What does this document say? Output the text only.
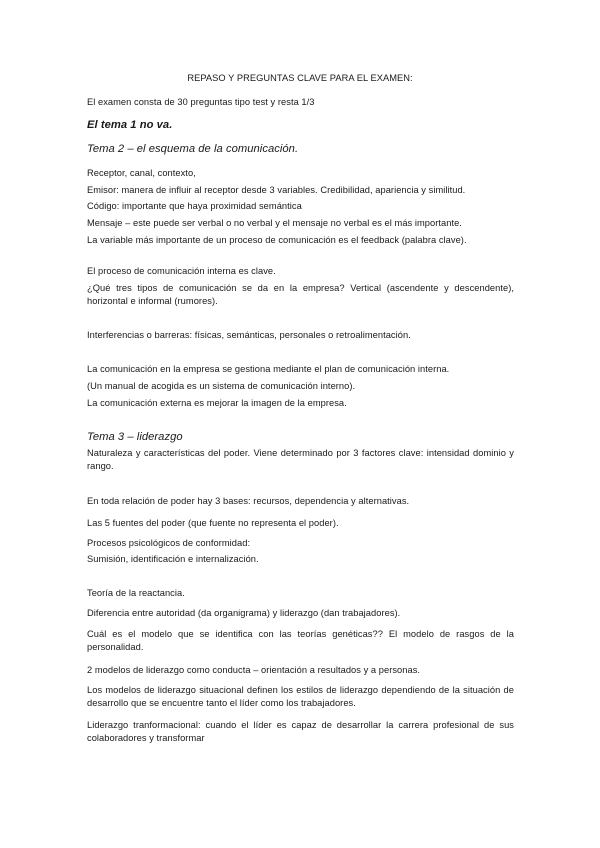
REPASO Y PREGUNTAS CLAVE PARA EL EXAMEN:
El examen consta de 30 preguntas tipo test y resta 1/3
El tema 1 no va.
Tema 2 – el esquema de la comunicación.
Receptor, canal, contexto,
Emisor: manera de influir al receptor desde 3 variables. Credibilidad, apariencia y similitud.
Código: importante que haya proximidad semántica
Mensaje – este puede ser verbal o no verbal y el mensaje no verbal es el más importante.
La variable más importante de un proceso de comunicación es el feedback (palabra clave).
El proceso de comunicación interna es clave.
¿Qué tres tipos de comunicación se da en la empresa? Vertical (ascendente y descendente), horizontal e informal (rumores).
Interferencias o barreras: físicas, semánticas, personales o retroalimentación.
La comunicación en la empresa se gestiona mediante el plan de comunicación interna.
(Un manual de acogida es un sistema de comunicación interno).
La comunicación externa es mejorar la imagen de la empresa.
Tema 3 – liderazgo
Naturaleza y características del poder. Viene determinado por 3 factores clave: intensidad dominio y rango.
En toda relación de poder hay 3 bases: recursos, dependencia y alternativas.
Las 5 fuentes del poder (que fuente no representa el poder).
Procesos psicológicos de conformidad:
Sumisión, identificación e internalización.
Teoría de la reactancia.
Diferencia entre autoridad (da organigrama) y liderazgo (dan trabajadores).
Cuál es el modelo que se identifica con las teorías genéticas?? El modelo de rasgos de la personalidad.
2 modelos de liderazgo como conducta – orientación a resultados y a personas.
Los modelos de liderazgo situacional definen los estilos de liderazgo dependiendo de la situación de desarrollo que se encuentre tanto el líder como los trabajadores.
Liderazgo tranformacional: cuando el líder es capaz de desarrollar la carrera profesional de sus colaboradores y transformar
